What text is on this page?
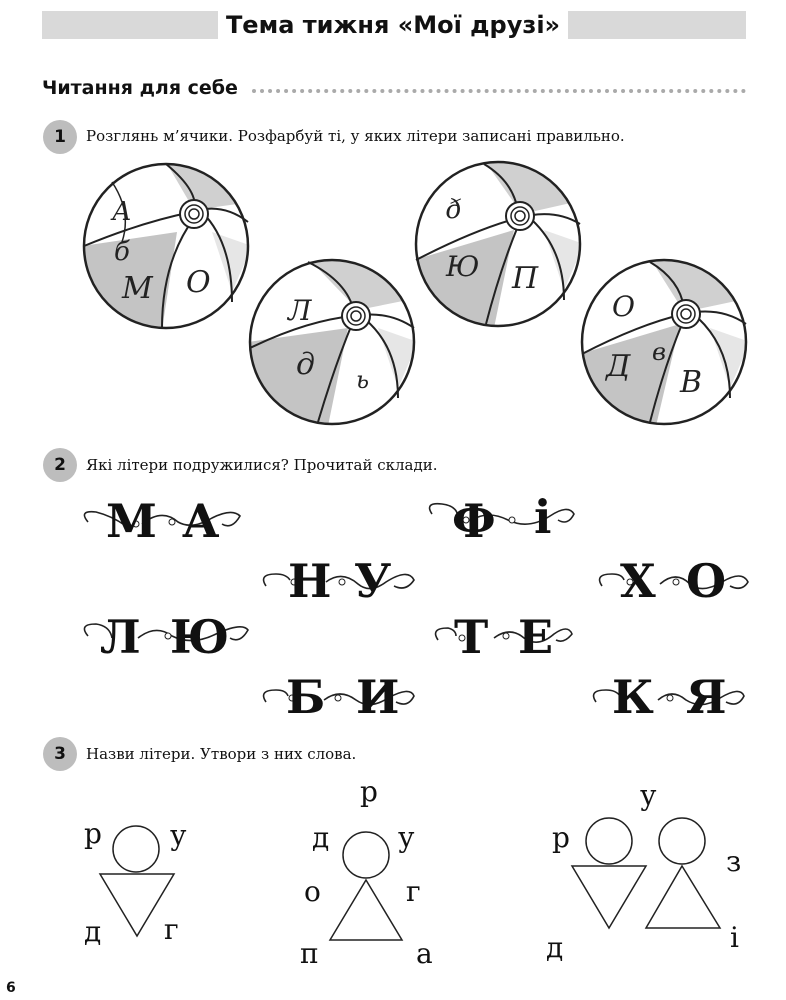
Тема тижня «Мої друзі»
Читання для себе
1	Розглянь м’ячики. Розфарбуй ті, у яких літери записані правильно.
А
б
М О
Л
д ь
ð
Ю П
О
в
Д В
2	Які літери подружилися? Прочитай склади.
М А	Ф і
Н У	Х О
Л Ю	Т Е
Б И	К Я
3	Назви літери. Утвори з них слова.
р у
д г
р
д у
о	г
п	а
у
р
з
д	і
6
